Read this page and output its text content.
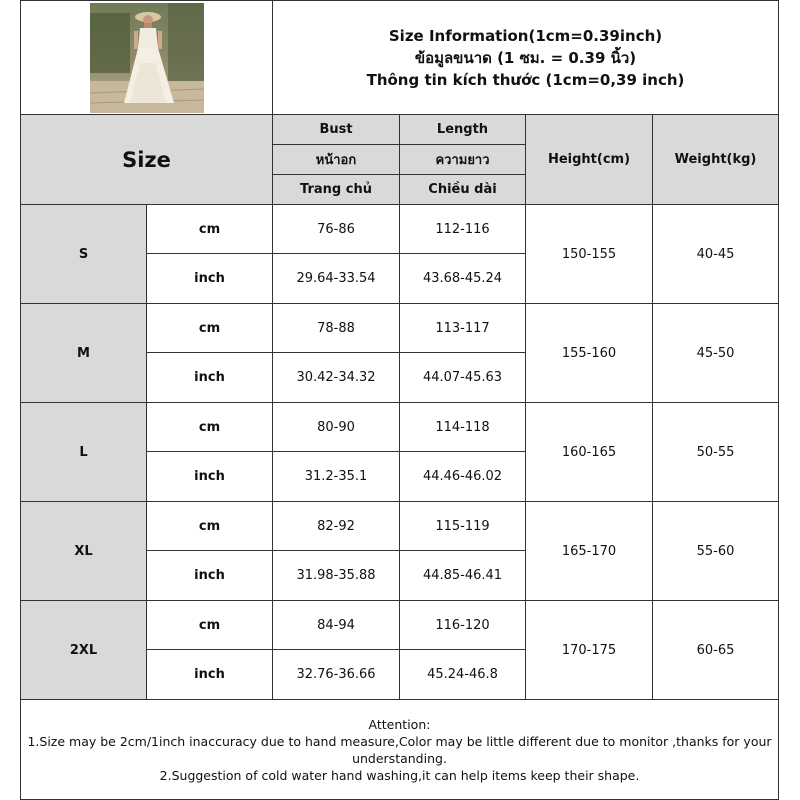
Size Information(1cm=0.39inch)
ข้อมูลขนาด (1 ซม. = 0.39 นิ้ว)
Thông tin kích thước (1cm=0,39 inch)			

Size		Bust	Length	Height(cm)	Weight(kg)
		หน้าอก	ความยาว		
		Trang chủ	Chiều dài		
S	cm	76-86	112-116	150-155	40-45
	inch	29.64-33.54	43.68-45.24		
M	cm	78-88	113-117	155-160	45-50
	inch	30.42-34.32	44.07-45.63		
L	cm	80-90	114-118	160-165	50-55
	inch	31.2-35.1	44.46-46.02		
XL	cm	82-92	115-119	165-170	55-60
	inch	31.98-35.88	44.85-46.41		
2XL	cm	84-94	116-120	170-175	60-65
	inch	32.76-36.66	45.24-46.8		

Attention:
1.Size may be 2cm/1inch inaccuracy due to hand measure,Color may be little different due to monitor ,thanks for your understanding.
2.Suggestion of cold water hand washing,it can help items keep their shape.					
